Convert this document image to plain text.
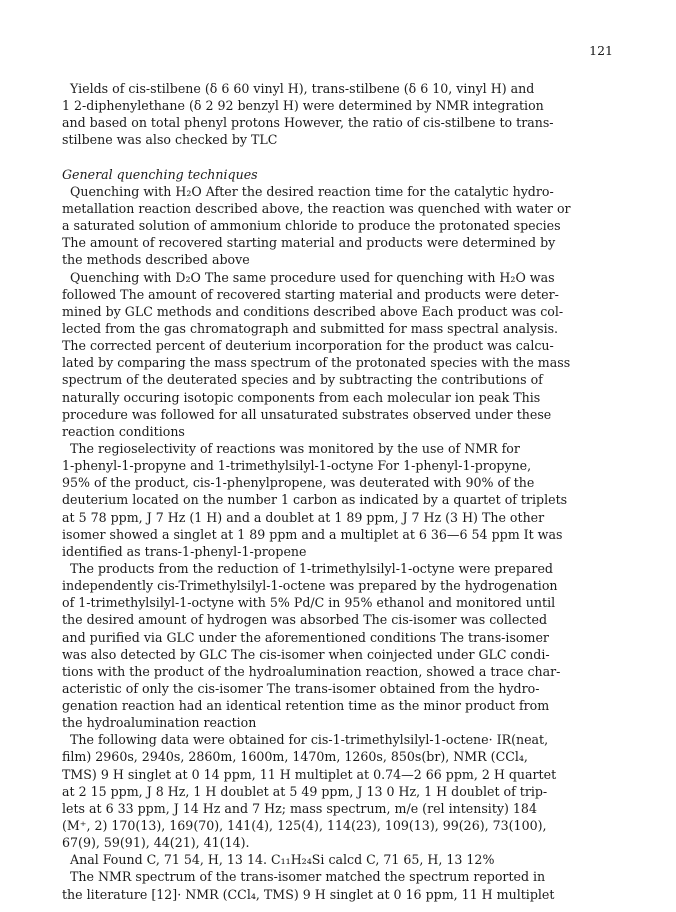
121
Yields of cis-stilbene (δ 6 60 vinyl H), trans-stilbene (δ 6 10, vinyl H) and
1 2-diphenylethane (δ 2 92 benzyl H) were determined by NMR integration
and based on total phenyl protons However, the ratio of cis-stilbene to trans-
stilbene was also checked by TLC
General quenching techniques
Quenching with H₂O After the desired reaction time for the catalytic hydro-
metallation reaction described above, the reaction was quenched with water or
a saturated solution of ammonium chloride to produce the protonated species
The amount of recovered starting material and products were determined by
the methods described above
Quenching with D₂O The same procedure used for quenching with H₂O was
followed The amount of recovered starting material and products were deter-
mined by GLC methods and conditions described above Each product was col-
lected from the gas chromatograph and submitted for mass spectral analysis.
The corrected percent of deuterium incorporation for the product was calcu-
lated by comparing the mass spectrum of the protonated species with the mass
spectrum of the deuterated species and by subtracting the contributions of
naturally occuring isotopic components from each molecular ion peak This
procedure was followed for all unsaturated substrates observed under these
reaction conditions
The regioselectivity of reactions was monitored by the use of NMR for
1-phenyl-1-propyne and 1-trimethylsilyl-1-octyne For 1-phenyl-1-propyne,
95% of the product, cis-1-phenylpropene, was deuterated with 90% of the
deuterium located on the number 1 carbon as indicated by a quartet of triplets
at 5 78 ppm, J 7 Hz (1 H) and a doublet at 1 89 ppm, J 7 Hz (3 H) The other
isomer showed a singlet at 1 89 ppm and a multiplet at 6 36—6 54 ppm It was
identified as trans-1-phenyl-1-propene
The products from the reduction of 1-trimethylsilyl-1-octyne were prepared
independently cis-Trimethylsilyl-1-octene was prepared by the hydrogenation
of 1-trimethylsilyl-1-octyne with 5% Pd/C in 95% ethanol and monitored until
the desired amount of hydrogen was absorbed The cis-isomer was collected
and purified via GLC under the aforementioned conditions The trans-isomer
was also detected by GLC The cis-isomer when coinjected under GLC condi-
tions with the product of the hydroalumination reaction, showed a trace char-
acteristic of only the cis-isomer The trans-isomer obtained from the hydro-
genation reaction had an identical retention time as the minor product from
the hydroalumination reaction
The following data were obtained for cis-1-trimethylsilyl-1-octene· IR(neat,
film) 2960s, 2940s, 2860m, 1600m, 1470m, 1260s, 850s(br), NMR (CCl₄,
TMS) 9 H singlet at 0 14 ppm, 11 H multiplet at 0.74—2 66 ppm, 2 H quartet
at 2 15 ppm, J 8 Hz, 1 H doublet at 5 49 ppm, J 13 0 Hz, 1 H doublet of trip-
lets at 6 33 ppm, J 14 Hz and 7 Hz; mass spectrum, m/e (rel intensity) 184
(M⁺, 2) 170(13), 169(70), 141(4), 125(4), 114(23), 109(13), 99(26), 73(100),
67(9), 59(91), 44(21), 41(14).
Anal Found C, 71 54, H, 13 14. C₁₁H₂₄Si calcd C, 71 65, H, 13 12%
The NMR spectrum of the trans-isomer matched the spectrum reported in
the literature [12]· NMR (CCl₄, TMS) 9 H singlet at 0 16 ppm, 11 H multiplet
